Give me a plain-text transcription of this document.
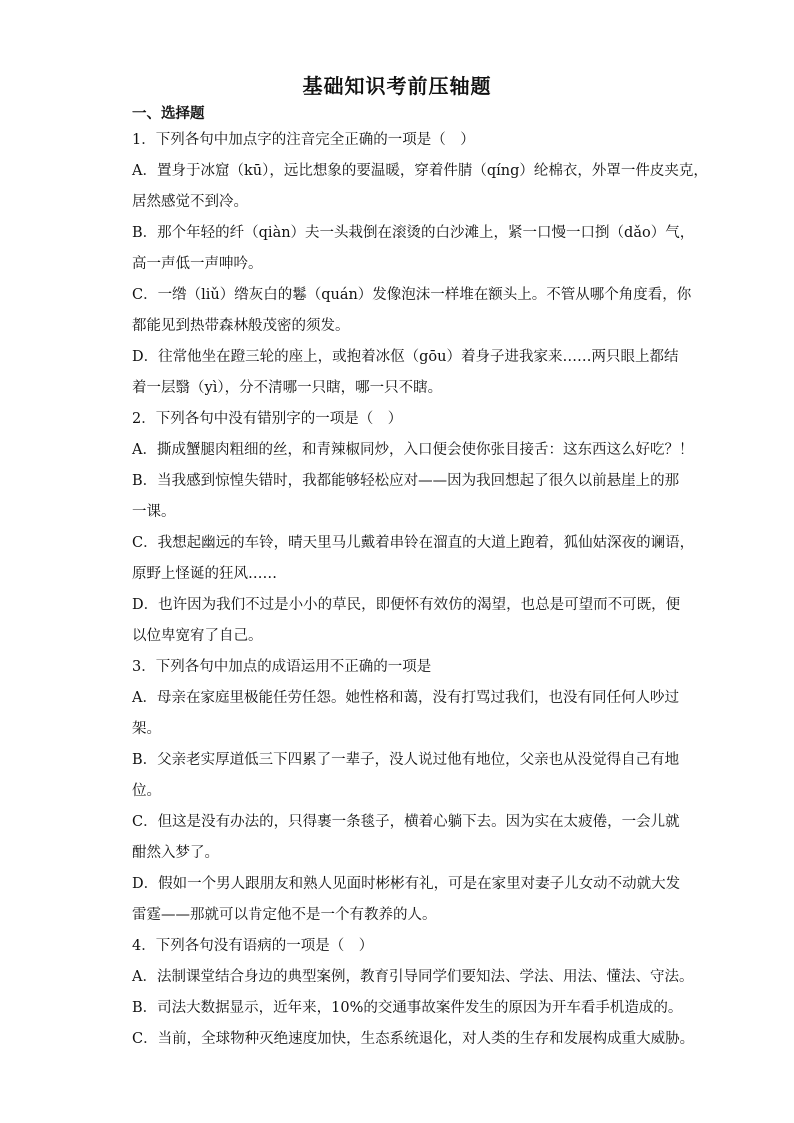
基础知识考前压轴题
一、选择题
1．下列各句中加点字的注音完全正确的一项是（　）
A．置身于冰窟（kū），远比想象的要温暖，穿着件腈（qíng）纶棉衣，外罩一件皮夹克，
居然感觉不到冷。
B．那个年轻的纤（qiàn）夫一头栽倒在滚烫的白沙滩上，紧一口慢一口捯（dǎo）气，
高一声低一声呻吟。
C．一绺（liǔ）绺灰白的鬈（quán）发像泡沫一样堆在额头上。不管从哪个角度看，你
都能见到热带森林般茂密的须发。
D．往常他坐在蹬三轮的座上，或抱着冰伛（gōu）着身子进我家来……两只眼上都结
着一层翳（yì），分不清哪一只瞎，哪一只不瞎。
2．下列各句中没有错别字的一项是（　）
A．撕成蟹腿肉粗细的丝，和青辣椒同炒，入口便会使你张目接舌：这东西这么好吃？！
B．当我感到惊惶失错时，我都能够轻松应对——因为我回想起了很久以前悬崖上的那
一课。
C．我想起幽远的车铃，晴天里马儿戴着串铃在溜直的大道上跑着，狐仙姑深夜的谰语，
原野上怪诞的狂风……
D．也许因为我们不过是小小的草民，即便怀有效仿的渴望，也总是可望而不可既，便
以位卑宽宥了自己。
3．下列各句中加点的成语运用不正确的一项是
A．母亲在家庭里极能任劳任怨。她性格和蔼，没有打骂过我们，也没有同任何人吵过
架。
B．父亲老实厚道低三下四累了一辈子，没人说过他有地位，父亲也从没觉得自己有地
位。
C．但这是没有办法的，只得裹一条毯子，横着心躺下去。因为实在太疲倦，一会儿就
酣然入梦了。
D．假如一个男人跟朋友和熟人见面时彬彬有礼，可是在家里对妻子儿女动不动就大发
雷霆——那就可以肯定他不是一个有教养的人。
4．下列各句没有语病的一项是（　）
A．法制课堂结合身边的典型案例，教育引导同学们要知法、学法、用法、懂法、守法。
B．司法大数据显示，近年来，10%的交通事故案件发生的原因为开车看手机造成的。
C．当前，全球物种灭绝速度加快，生态系统退化，对人类的生存和发展构成重大威胁。
